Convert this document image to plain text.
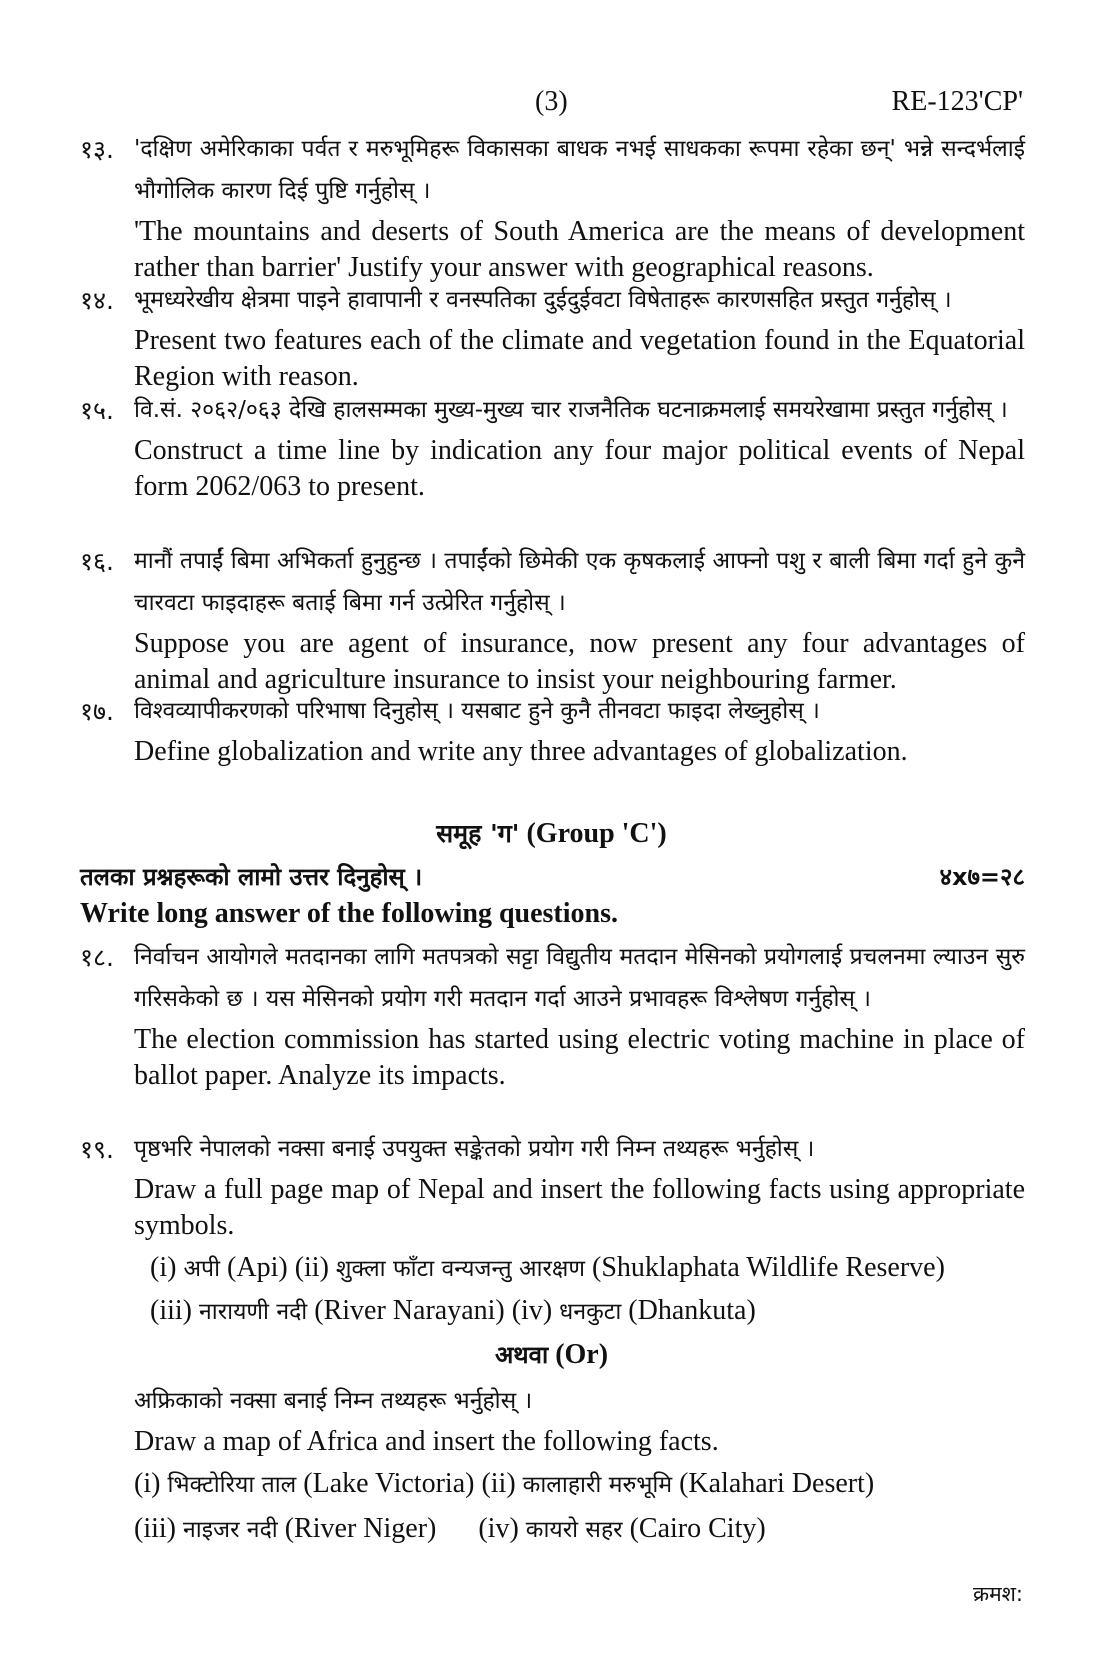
(3)	RE-123'CP'
१३. 'दक्षिण अमेरिकाका पर्वत र मरुभूमिहरू विकासका बाधक नभई साधकका रूपमा रहेका छन्' भन्ने सन्दर्भलाई भौगोलिक कारण दिई पुष्टि गर्नुहोस् ।

'The mountains and deserts of South America are the means of development rather than barrier' Justify your answer with geographical reasons.

१४. भूमध्यरेखीय क्षेत्रमा पाइने हावापानी र वनस्पतिका दुईदुईवटा विषेताहरू कारणसहित प्रस्तुत गर्नुहोस् ।

Present two features each of the climate and vegetation found in the Equatorial Region with reason.

१५. वि.सं. २०६२/०६३ देखि हालसम्मका मुख्य-मुख्य चार राजनैतिक घटनाक्रमलाई समयरेखामा प्रस्तुत गर्नुहोस् ।

Construct a time line by indication any four major political events of Nepal form 2062/063 to present.

१६. मानौं तपाईं बिमा अभिकर्ता हुनुहुन्छ । तपाईंको छिमेकी एक कृषकलाई आफ्नो पशु र बाली बिमा गर्दा हुने कुनै चारवटा फाइदाहरू बताई बिमा गर्न उत्प्रेरित गर्नुहोस् ।

Suppose you are agent of insurance, now present any four advantages of animal and agriculture insurance to insist your neighbouring farmer.

१७. विश्वव्यापीकरणको परिभाषा दिनुहोस् । यसबाट हुने कुनै तीनवटा फाइदा लेख्नुहोस् ।

Define globalization and write any three advantages of globalization.

समूह 'ग' (Group 'C')
तलका प्रश्नहरूको लामो उत्तर दिनुहोस् ।	४x७=२८
Write long answer of the following questions.
१८. निर्वाचन आयोगले मतदानका लागि मतपत्रको सट्टा विद्युतीय मतदान मेसिनको प्रयोगलाई प्रचलनमा ल्याउन सुरु गरिसकेको छ । यस मेसिनको प्रयोग गरी मतदान गर्दा आउने प्रभावहरू विश्लेषण गर्नुहोस् ।

The election commission has started using electric voting machine in place of ballot paper. Analyze its impacts.

१९. पृष्ठभरि नेपालको नक्सा बनाई उपयुक्त सङ्केतको प्रयोग गरी निम्न तथ्यहरू भर्नुहोस् ।

Draw a full page map of Nepal and insert the following facts using appropriate symbols.

(i) अपी (Api) (ii) शुक्ला फाँटा वन्यजन्तु आरक्षण (Shuklaphata Wildlife Reserve)
(iii) नारायणी नदी (River Narayani) (iv) धनकुटा (Dhankuta)
अथवा (Or)

अफ्रिकाको नक्सा बनाई निम्न तथ्यहरू भर्नुहोस् ।

Draw a map of Africa and insert the following facts.

(i) भिक्टोरिया ताल (Lake Victoria) (ii) कालाहारी मरुभूमि (Kalahari Desert)
(iii) नाइजर नदी (River Niger) (iv) कायरो सहर (Cairo City)
क्रमश:
